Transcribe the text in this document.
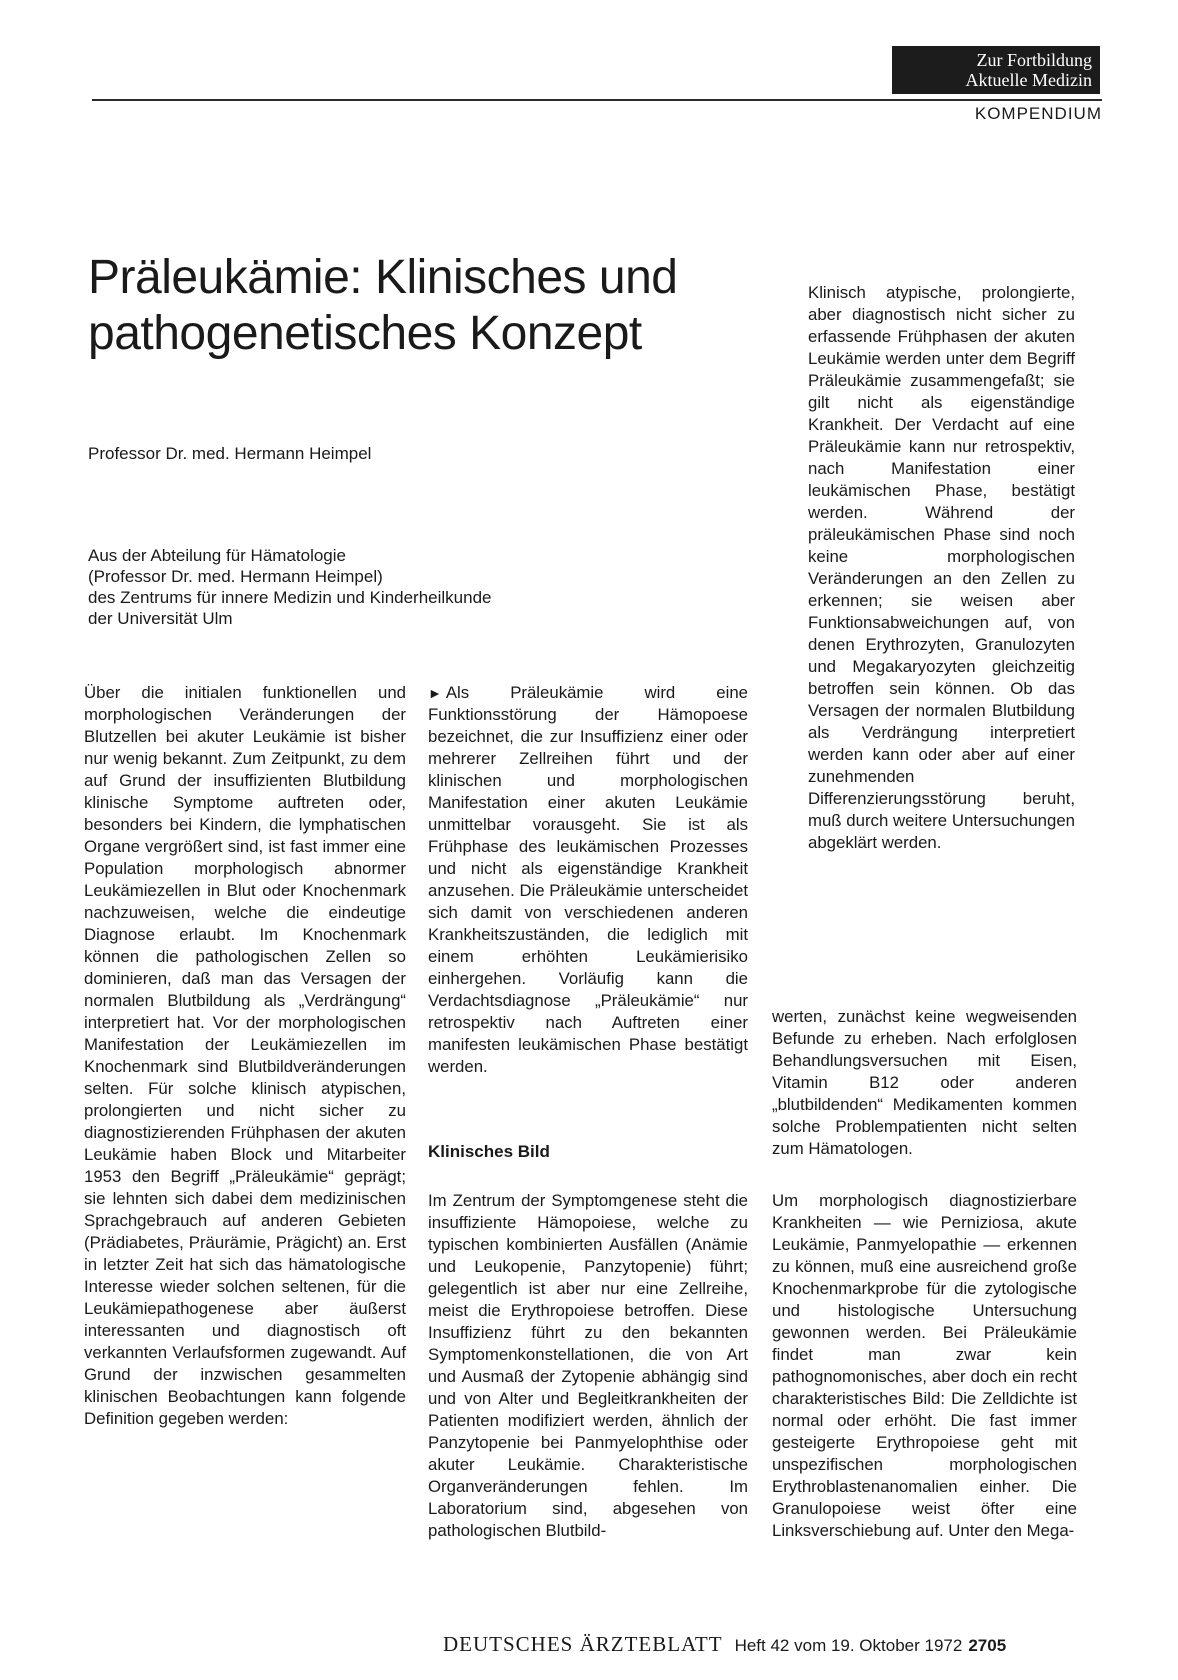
Zur Fortbildung
Aktuelle Medizin
KOMPENDIUM
Präleukämie: Klinisches und
pathogenetisches Konzept
Professor Dr. med. Hermann Heimpel
Aus der Abteilung für Hämatologie
(Professor Dr. med. Hermann Heimpel)
des Zentrums für innere Medizin und Kinderheilkunde
der Universität Ulm

Über die initialen funktionellen und morphologischen Veränderungen der Blutzellen bei akuter Leukämie ist bisher nur wenig bekannt. Zum Zeitpunkt, zu dem auf Grund der insuffizienten Blutbildung klinische Symptome auftreten oder, besonders bei Kindern, die lymphatischen Organe vergrößert sind, ist fast immer eine Population morphologisch abnormer Leukämiezellen in Blut oder Knochenmark nachzuweisen, welche die eindeutige Diagnose erlaubt. Im Knochenmark können die pathologischen Zellen so dominieren, daß man das Versagen der normalen Blutbildung als „Verdrängung“ interpretiert hat. Vor der morphologischen Manifestation der Leukämiezellen im Knochenmark sind Blutbildveränderungen selten. Für solche klinisch atypischen, prolongierten und nicht sicher zu diagnostizierenden Frühphasen der akuten Leukämie haben Block und Mitarbeiter 1953 den Begriff „Präleukämie“ geprägt; sie lehnten sich dabei dem medizinischen Sprachgebrauch auf anderen Gebieten (Prädiabetes, Präurämie, Prägicht) an. Erst in letzter Zeit hat sich das hämatologische Interesse wieder solchen seltenen, für die Leukämiepathogenese aber äußerst interessanten und diagnostisch oft verkannten Verlaufsformen zugewandt. Auf Grund der inzwischen gesammelten klinischen Beobachtungen kann folgende Definition gegeben werden:

► Als Präleukämie wird eine Funktionsstörung der Hämopoese bezeichnet, die zur Insuffizienz einer oder mehrerer Zellreihen führt und der klinischen und morphologischen Manifestation einer akuten Leukämie unmittelbar vorausgeht. Sie ist als Frühphase des leukämischen Prozesses und nicht als eigenständige Krankheit anzusehen. Die Präleukämie unterscheidet sich damit von verschiedenen anderen Krankheitszuständen, die lediglich mit einem erhöhten Leukämierisiko einhergehen. Vorläufig kann die Verdachtsdiagnose „Präleukämie“ nur retrospektiv nach Auftreten einer manifesten leukämischen Phase bestätigt werden.

Klinisches Bild

Im Zentrum der Symptomgenese steht die insuffiziente Hämopoiese, welche zu typischen kombinierten Ausfällen (Anämie und Leukopenie, Panzytopenie) führt; gelegentlich ist aber nur eine Zellreihe, meist die Erythropoiese betroffen. Diese Insuffizienz führt zu den bekannten Symptomenkonstellationen, die von Art und Ausmaß der Zytopenie abhängig sind und von Alter und Begleitkrankheiten der Patienten modifiziert werden, ähnlich der Panzytopenie bei Panmyelophthise oder akuter Leukämie. Charakteristische Organveränderungen fehlen. Im Laboratorium sind, abgesehen von pathologischen Blutbild-

Klinisch atypische, prolongierte, aber diagnostisch nicht sicher zu erfassende Frühphasen der akuten Leukämie werden unter dem Begriff Präleukämie zusammengefaßt; sie gilt nicht als eigenständige Krankheit. Der Verdacht auf eine Präleukämie kann nur retrospektiv, nach Manifestation einer leukämischen Phase, bestätigt werden. Während der präleukämischen Phase sind noch keine morphologischen Veränderungen an den Zellen zu erkennen; sie weisen aber Funktionsabweichungen auf, von denen Erythrozyten, Granulozyten und Megakaryozyten gleichzeitig betroffen sein können. Ob das Versagen der normalen Blutbildung als Verdrängung interpretiert werden kann oder aber auf einer zunehmenden Differenzierungsstörung beruht, muß durch weitere Untersuchungen abgeklärt werden.

werten, zunächst keine wegweisenden Befunde zu erheben. Nach erfolglosen Behandlungsversuchen mit Eisen, Vitamin B12 oder anderen „blutbildenden“ Medikamenten kommen solche Problempatienten nicht selten zum Hämatologen.

Um morphologisch diagnostizierbare Krankheiten — wie Perniziosa, akute Leukämie, Panmyelopathie — erkennen zu können, muß eine ausreichend große Knochenmarkprobe für die zytologische und histologische Untersuchung gewonnen werden. Bei Präleukämie findet man zwar kein pathognomonisches, aber doch ein recht charakteristisches Bild: Die Zelldichte ist normal oder erhöht. Die fast immer gesteigerte Erythropoiese geht mit unspezifischen morphologischen Erythroblastenanomalien einher. Die Granulopoiese weist öfter eine Linksverschiebung auf. Unter den Mega-

DEUTSCHES ÄRZTEBLATT Heft 42 vom 19. Oktober 1972 2705
